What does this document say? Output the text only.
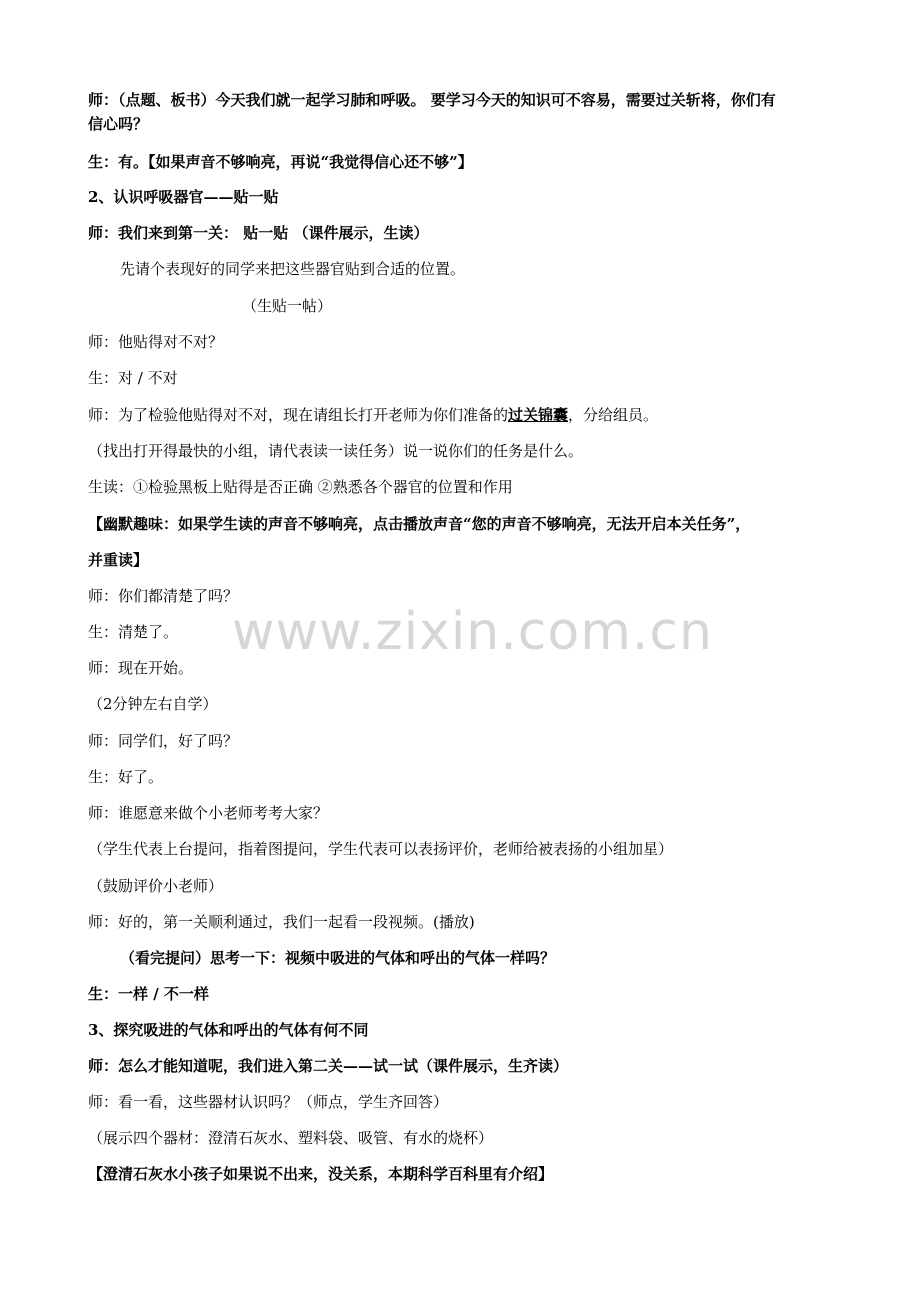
师：（点题、板书）今天我们就一起学习肺和呼吸。 要学习今天的知识可不容易，需要过关斩将，你们有
信心吗？
生：有。【如果声音不够响亮，再说“我觉得信心还不够”】
2、认识呼吸器官——贴一贴
师：我们来到第一关： 贴一贴 （课件展示，生读）
先请个表现好的同学来把这些器官贴到合适的位置。
（生贴一帖）
师：他贴得对不对？
生：对 / 不对
师：为了检验他贴得对不对，现在请组长打开老师为你们准备的过关锦囊，分给组员。
（找出打开得最快的小组，请代表读一读任务）说一说你们的任务是什么。
生读：①检验黑板上贴得是否正确 ②熟悉各个器官的位置和作用
【幽默趣味：如果学生读的声音不够响亮，点击播放声音“您的声音不够响亮，无法开启本关任务”，
并重读】
师：你们都清楚了吗？
生：清楚了。
师：现在开始。
（2分钟左右自学）
师：同学们，好了吗？
生：好了。
师：谁愿意来做个小老师考考大家？
（学生代表上台提问，指着图提问，学生代表可以表扬评价，老师给被表扬的小组加星）
（鼓励评价小老师）
师：好的，第一关顺利通过，我们一起看一段视频。(播放)
（看完提问）思考一下：视频中吸进的气体和呼出的气体一样吗？
生：一样 / 不一样
3、探究吸进的气体和呼出的气体有何不同
师：怎么才能知道呢，我们进入第二关——试一试（课件展示，生齐读）
师：看一看，这些器材认识吗？（师点，学生齐回答）
（展示四个器材：澄清石灰水、塑料袋、吸管、有水的烧杯）
【澄清石灰水小孩子如果说不出来，没关系，本期科学百科里有介绍】
www.zixin.com.cn
